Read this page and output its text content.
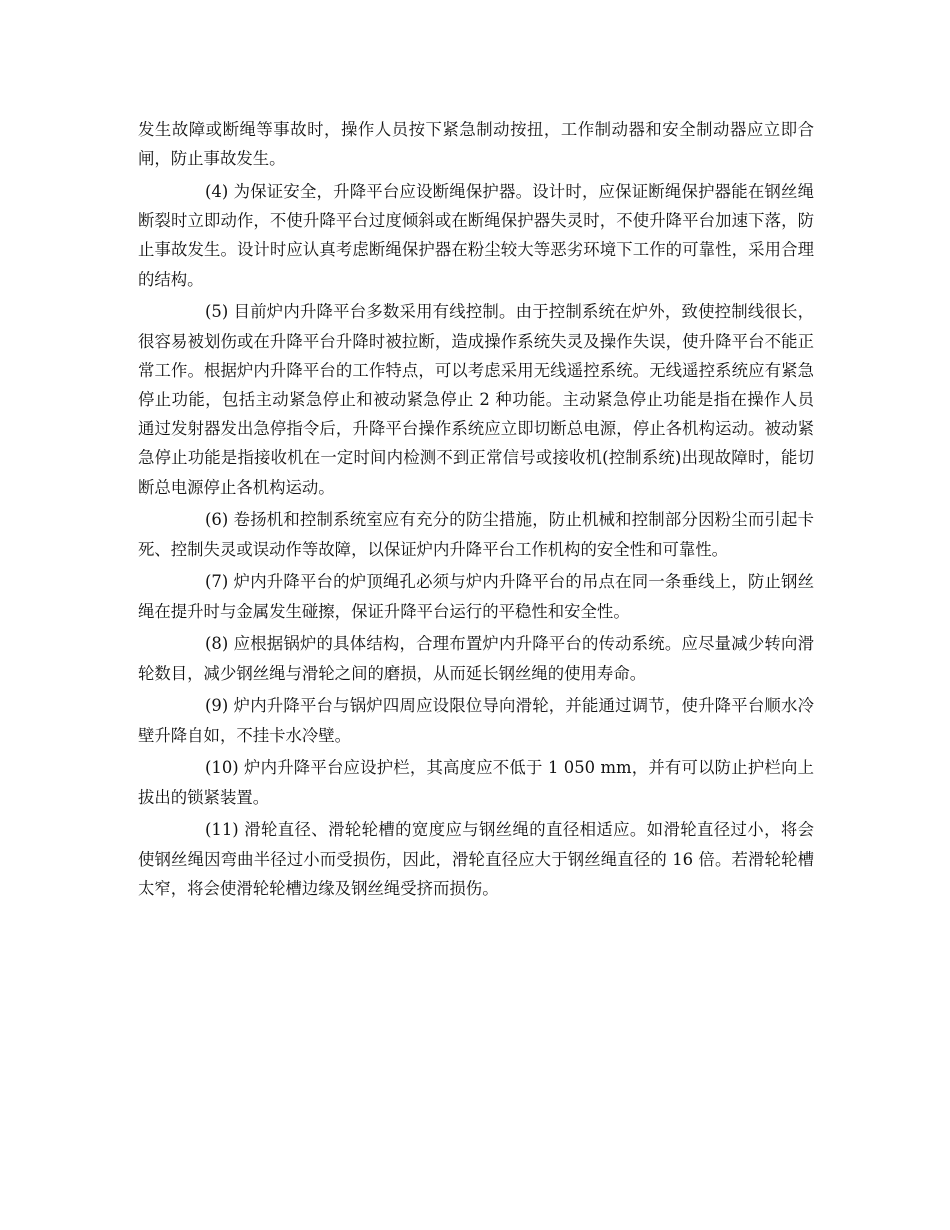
发生故障或断绳等事故时，操作人员按下紧急制动按扭，工作制动器和安全制动器应立即合闸，防止事故发生。

(4) 为保证安全，升降平台应设断绳保护器。设计时，应保证断绳保护器能在钢丝绳断裂时立即动作，不使升降平台过度倾斜或在断绳保护器失灵时，不使升降平台加速下落，防止事故发生。设计时应认真考虑断绳保护器在粉尘较大等恶劣环境下工作的可靠性，采用合理的结构。

(5) 目前炉内升降平台多数采用有线控制。由于控制系统在炉外，致使控制线很长，很容易被划伤或在升降平台升降时被拉断，造成操作系统失灵及操作失误，使升降平台不能正常工作。根据炉内升降平台的工作特点，可以考虑采用无线遥控系统。无线遥控系统应有紧急停止功能，包括主动紧急停止和被动紧急停止 2 种功能。主动紧急停止功能是指在操作人员通过发射器发出急停指令后，升降平台操作系统应立即切断总电源，停止各机构运动。被动紧急停止功能是指接收机在一定时间内检测不到正常信号或接收机(控制系统)出现故障时，能切断总电源停止各机构运动。

(6) 卷扬机和控制系统室应有充分的防尘措施，防止机械和控制部分因粉尘而引起卡死、控制失灵或误动作等故障，以保证炉内升降平台工作机构的安全性和可靠性。

(7) 炉内升降平台的炉顶绳孔必须与炉内升降平台的吊点在同一条垂线上，防止钢丝绳在提升时与金属发生碰擦，保证升降平台运行的平稳性和安全性。

(8) 应根据锅炉的具体结构，合理布置炉内升降平台的传动系统。应尽量减少转向滑轮数目，减少钢丝绳与滑轮之间的磨损，从而延长钢丝绳的使用寿命。

(9) 炉内升降平台与锅炉四周应设限位导向滑轮，并能通过调节，使升降平台顺水冷壁升降自如，不挂卡水冷壁。

(10) 炉内升降平台应设护栏，其高度应不低于 1 050 mm，并有可以防止护栏向上拔出的锁紧装置。

(11) 滑轮直径、滑轮轮槽的宽度应与钢丝绳的直径相适应。如滑轮直径过小，将会使钢丝绳因弯曲半径过小而受损伤，因此，滑轮直径应大于钢丝绳直径的 16 倍。若滑轮轮槽太窄，将会使滑轮轮槽边缘及钢丝绳受挤而损伤。
